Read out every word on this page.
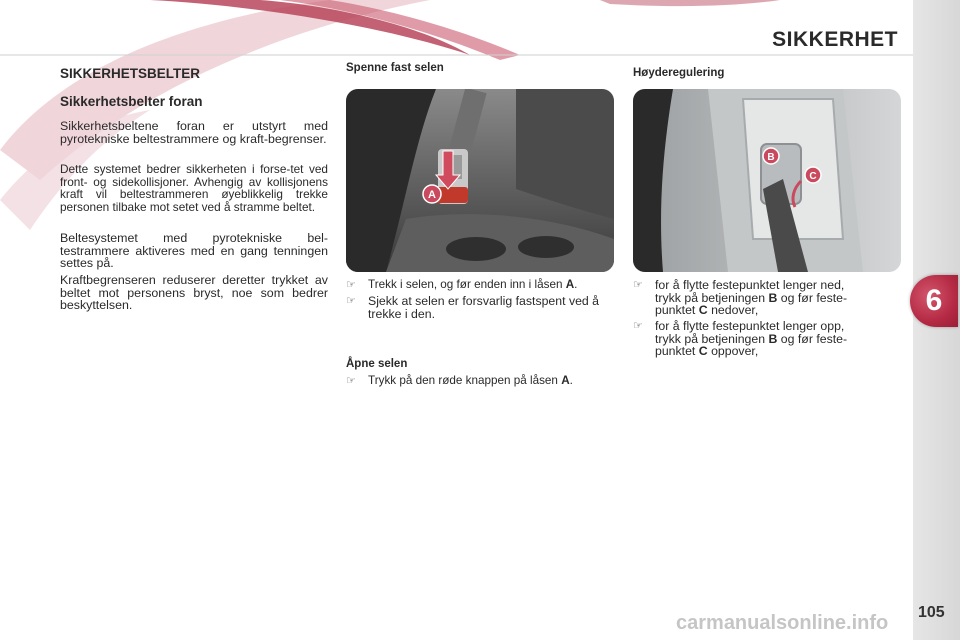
SIKKERHET
6
SIKKERHETSBELTER
Sikkerhetsbelter foran
Sikkerhetsbeltene foran er utstyrt med pyrotekniske beltestrammere og kraft-begrenser.
Dette systemet bedrer sikkerheten i forse-tet ved front- og sidekollisjoner. Avhengig av kollisjonens kraft vil beltestrammeren øyeblikkelig trekke personen tilbake mot setet ved å stramme beltet.
Beltesystemet med pyrotekniske bel-testrammere aktiveres med en gang tenningen settes på.
Kraftbegrenseren reduserer deretter trykket av beltet mot personens bryst, noe som bedrer beskyttelsen.
Spenne fast selen
A
☞	Trekk i selen, og før enden inn i låsen A.
☞ Sjekk at selen er forsvarlig fastspent ved å trekke i den.
Åpne selen
☞	Trykk på den røde knappen på låsen A.
Høyderegulering
B
C
☞ for å flytte festepunktet lenger ned,
trykk på betjeningen B og før feste-
punktet C nedover,
☞ for å flytte festepunktet lenger opp,
trykk på betjeningen B og før feste-
punktet C oppover,
105
carmanualsonline.info
